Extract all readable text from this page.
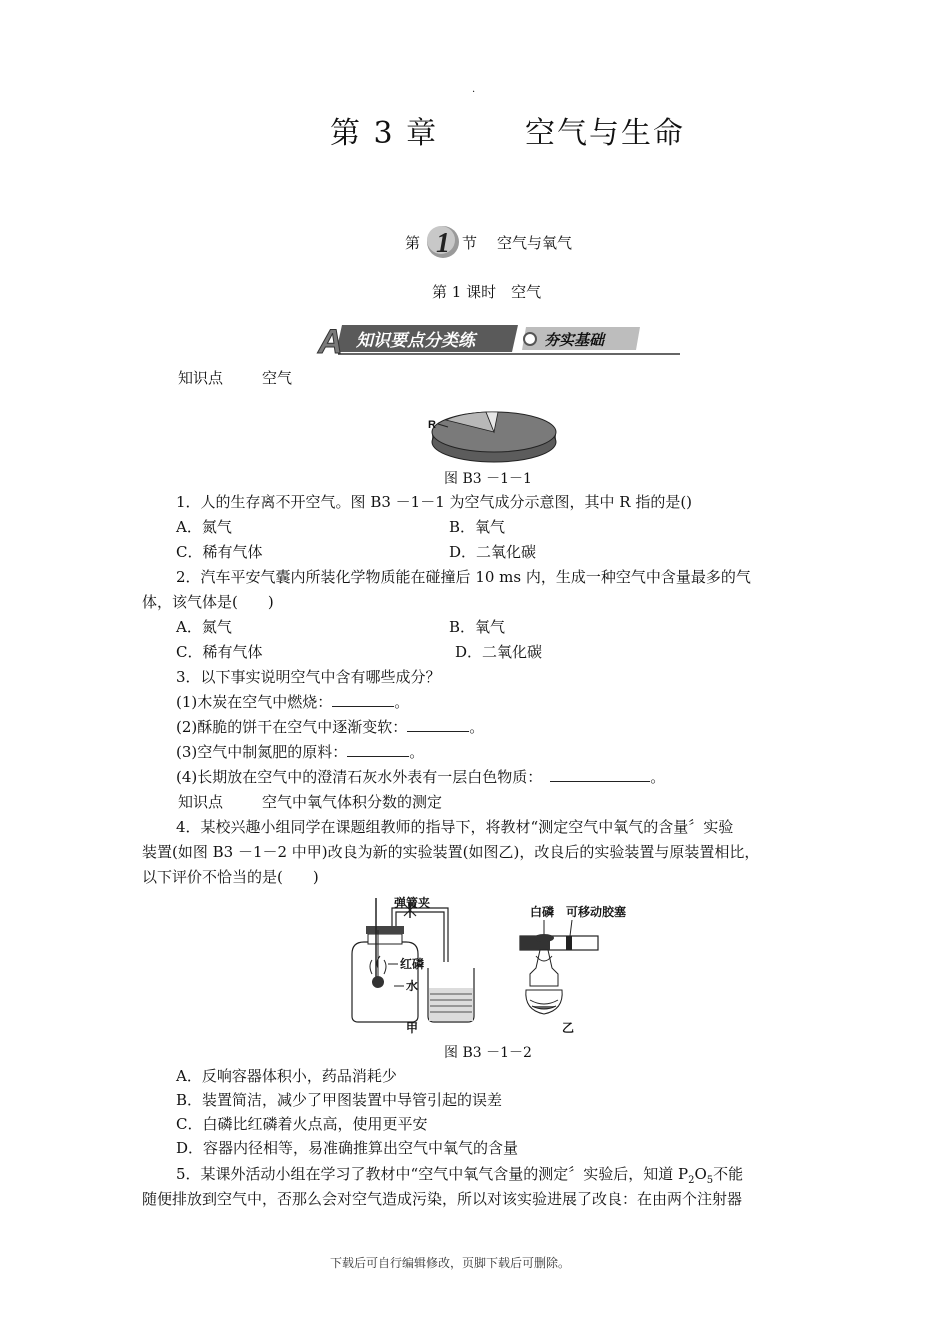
.
第 3 章	空气与生命
第 1 节 空气与氧气
第 1 课时　空气
A 知识要点分类练	夯实基础
知识点	空气
R
图 B3 －1－1
1．人的生存离不开空气。图 B3 －1－1 为空气成分示意图，其中 R 指的是()
A．氮气	B．氧气
C．稀有气体	D．二氧化碳
2．汽车平安气囊内所装化学物质能在碰撞后 10 ms 内，生成一种空气中含量最多的气
体，该气体是(　　)
A．氮气	B．氧气
C．稀有气体	D．二氧化碳
3．以下事实说明空气中含有哪些成分？
(1)木炭在空气中燃烧：	。
(2)酥脆的饼干在空气中逐渐变软：	。
(3)空气中制氮肥的原料：	。
(4)长期放在空气中的澄清石灰水外表有一层白色物质：	。
知识点	空气中氧气体积分数的测定
4．某校兴趣小组同学在课题组教师的指导下，将教材“测定空气中氧气的含量〞实验
装置(如图 B3 －1－2 中甲)改良为新的实验装置(如图乙)，改良后的实验装置与原装置相比，
以下评价不恰当的是(　　)
弹簧夹
红磷
水
甲
白磷 可移动胶塞
乙
图 B3 －1－2
A．反响容器体积小，药品消耗少
B．装置简洁，减少了甲图装置中导管引起的误差
C．白磷比红磷着火点高，使用更平安
D．容器内径相等，易准确推算出空气中氧气的含量
5．某课外活动小组在学习了教材中“空气中氧气含量的测定〞实验后，知道 $P_2O_5$不能
随便排放到空气中，否那么会对空气造成污染，所以对该实验进展了改良：在由两个注射器
下载后可自行编辑修改，页脚下载后可删除。
